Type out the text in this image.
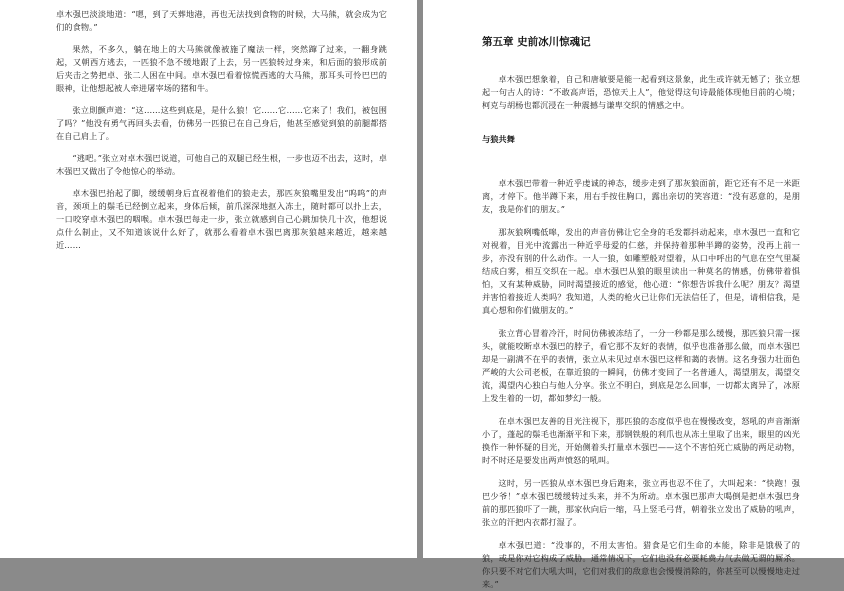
卓木强巴淡淡地道：“嗯，到了天葬地港，再也无法找到食物的时候，大马熊，就会成为它们的食物。”

果然，不多久，躺在地上的大马熊就像被施了魔法一样，突然蹿了过来，一翻身跳起，又朝西方逃去，一匹狼不急不缓地跟了上去，另一匹狼转过身来，和后面的狼形成前后夹击之势把卓、张二人困在中间。卓木强巴看着惊慌西逃的大马熊，那耳头可怜巴巴的眼神，让他想起被人牵进屠宰场的猪和牛。

张立則颤声道：“这……这些到底是，是什么狼！它……它……它来了！我们，被包围了吗？”他没有勇气再回头去看，仿佛另一匹狼已在自己身后，他甚至感觉到狼的前腿都搭在自己肩上了。

“逃吧。”张立对卓木强巴说道，可他自己的双腿已经生根，一步也迈不出去，这时，卓木强巴又做出了令他惊心的举动。

卓木强巴抬起了脚，缓缓朝身后直视着他们的狼走去，那匹灰狼嘴里发出“呜呜”的声音，颈项上的鬃毛已经倒立起来，身体后倾，前爪深深地抠入冻土，随时都可以扑上去，一口咬穿卓木强巴的咽喉。卓木强巴每走一步，张立就感到自己心跳加快几十次，他想说点什么制止，又不知道该说什么好了，就那么看着卓木强巴离那灰狼越来越近，越来越近……

第五章 史前冰川惊魂记

卓木强巴想象着，自己和唐敏要是能一起看到这景象，此生或许就无憾了；张立想起一句古人的诗：“不敢高声语，恐惊天上人”，他觉得这句诗最能体现他目前的心境；柯克与胡杨也都沉浸在一种震撼与谦卑交织的情感之中。

与狼共舞

卓木强巴带着一种近乎虔诚的神态，缓步走到了那灰狼面前，距它还有不足一米距离，才停下。他半蹲下来，用右手按住胸口，露出亲切的笑容道：“没有恶意的，是朋友，我是你们的朋友。”

那灰狼咧嘴低嗥，发出的声音仿佛让它全身的毛发都抖动起来，卓木强巴一直和它对视着，目光中流露出一种近乎母爱的仁慈，并保持着那种半蹲的姿势，没再上前一步，亦没有别的什么动作。一人一狼，如雕塑般对望着，从口中呼出的气息在空气里凝结成白雾，相互交织在一起。卓木强巴从狼的眼里读出一种莫名的情感，仿佛带着惧怕，又有某种威胁，同时渴望接近的感觉，他心道：“你想告诉我什么呢？朋友？渴望并害怕着接近人类吗？我知道，人类的枪火已让你们无法信任了，但是，请相信我，是真心想和你们做朋友的。”

张立背心冒着冷汗，时间仿佛被冻结了，一分一秒都是那么缓慢，那匹狼只需一探头，就能咬断卓木强巴的脖子，看它那不友好的表情，似乎也准备那么做，而卓木强巴却是一副满不在乎的表情，张立从未见过卓木强巴这样和蔼的表情。这名身强力壮面色严峻的大公司老板，在靠近狼的一瞬间，仿佛才变回了一名普通人，渴望朋友，渴望交流，渴望内心独白与他人分享。张立不明白，到底是怎么回事，一切都太离异了，冰原上发生着的一切，都如梦幻一般。

在卓木强巴友善的目光注视下，那匹狼的态度似乎也在慢慢改变，怒吼的声音渐渐小了，蓬起的鬃毛也渐渐平和下来，那钢铁般的利爪也从冻土里取了出来，眼里的凶光换作一种怀疑的目光，开始侧着头打量卓木强巴——这个不害怕死亡威胁的两足动物，时不时还是要发出两声愤怒的吼叫。

这时，另一匹狼从卓木强巴身后跑来，张立再也忍不住了，大叫起来：“快跑！强巴少爷！”卓木强巴缓缓转过头来，并不为所动。卓木强巴那声大喝倒是把卓木强巴身前的那匹狼吓了一跳，那家伙向后一缩，马上竖毛弓背，朝着张立发出了威胁的吼声，张立的汗把内衣都打湿了。

卓木强巴道：“没事的，不用太害怕。猎食是它们生命的本能，除非是饿极了的狼，或是你对它构成了威胁。通常情况下，它们也没有必要耗费力气去做无谓的厮杀。你只要不对它们大吼大叫，它们对我们的敌意也会慢慢消除的，你甚至可以慢慢地走过来。”
